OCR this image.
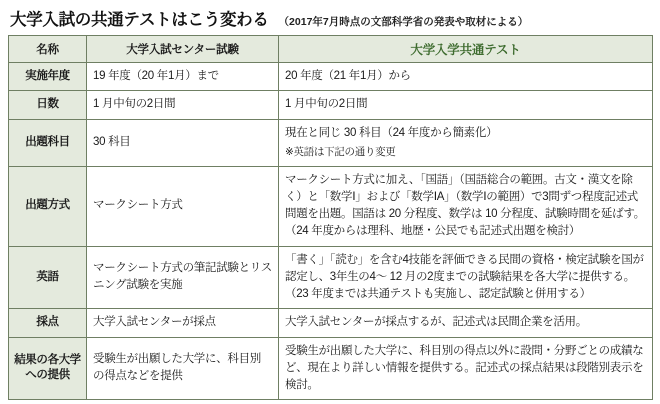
大学入試の共通テストはこう変わる （2017年7月時点の文部科学省の発表や取材による）
名称	大学入試センター試験	大学入学共通テスト
実施年度	19 年度（20 年1月）まで	20 年度（21 年1月）から
日数	1 月中旬の2日間	1 月中旬の2日間
出題科目	30 科目	現在と同じ 30 科目（24 年度から簡素化）
※英語は下記の通り変更

出題方式	マークシート方式	マークシート方式に加え、「国語」（国語総合の範囲。古文・漢文を除く）と「数学Ⅰ」および「数学ⅠA」（数学Ⅰの範囲）で3問ずつ程度記述式問題を出題。国語は 20 分程度、数学は 10 分程度、試験時間を延ばす。（24 年度からは理科、地歴・公民でも記述式出題を検討）
英語	マークシート方式の筆記試験とリスニング試験を実施	「書く」「読む」を含む4技能を評価できる民間の資格・検定試験を国が認定し、3年生の4～ 12 月の2度までの試験結果を各大学に提供する。（23 年度までは共通テストも実施し、認定試験と併用する）
採点	大学入試センターが採点	大学入試センターが採点するが、記述式は民間企業を活用。
結果の各大学
への提供	受験生が出願した大学に、科目別の得点などを提供	受験生が出願した大学に、科目別の得点以外に設問・分野ごとの成績など、現在より詳しい情報を提供する。記述式の採点結果は段階別表示を検討。
